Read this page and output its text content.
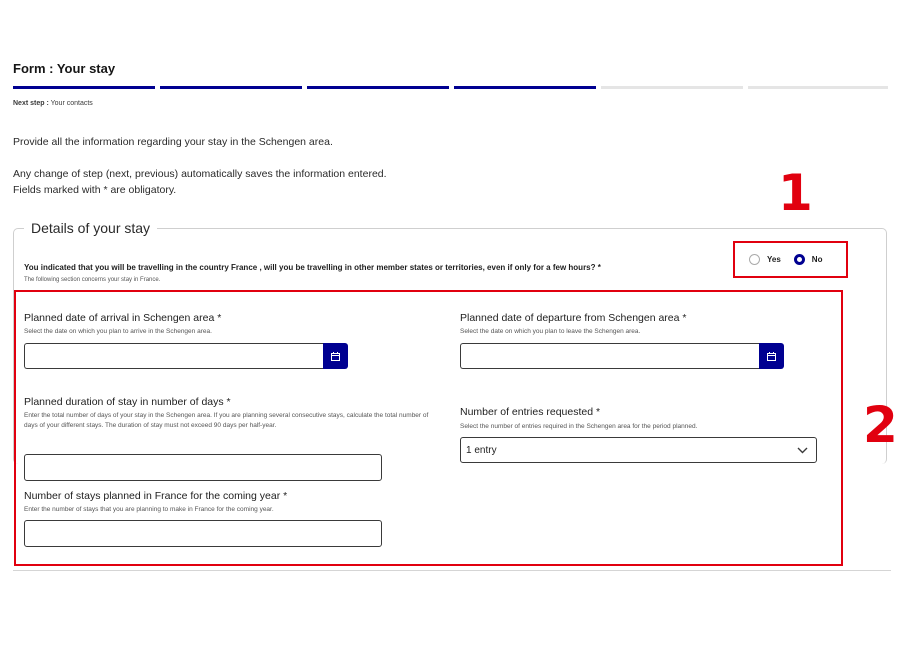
Form : Your stay
Next step : Your contacts
Provide all the information regarding your stay in the Schengen area.
Any change of step (next, previous) automatically saves the information entered.
Fields marked with * are obligatory.	1
Details of your stay
You indicated that you will be travelling in the country France , will you be travelling in other member states or territories, even if only for a few hours? *
The following section concerns your stay in France.
Yes	No
2
Planned date of arrival in Schengen area *
Select the date on which you plan to arrive in the Schengen area.
Planned date of departure from Schengen area *
Select the date on which you plan to leave the Schengen area.
Planned duration of stay in number of days *
Enter the total number of days of your stay in the Schengen area. If you are planning several consecutive stays, calculate the total number of days of your different stays. The duration of stay must not exceed 90 days per half-year.
Number of entries requested *
Select the number of entries required in the Schengen area for the period planned.
1 entry
Number of stays planned in France for the coming year *
Enter the number of stays that you are planning to make in France for the coming year.
